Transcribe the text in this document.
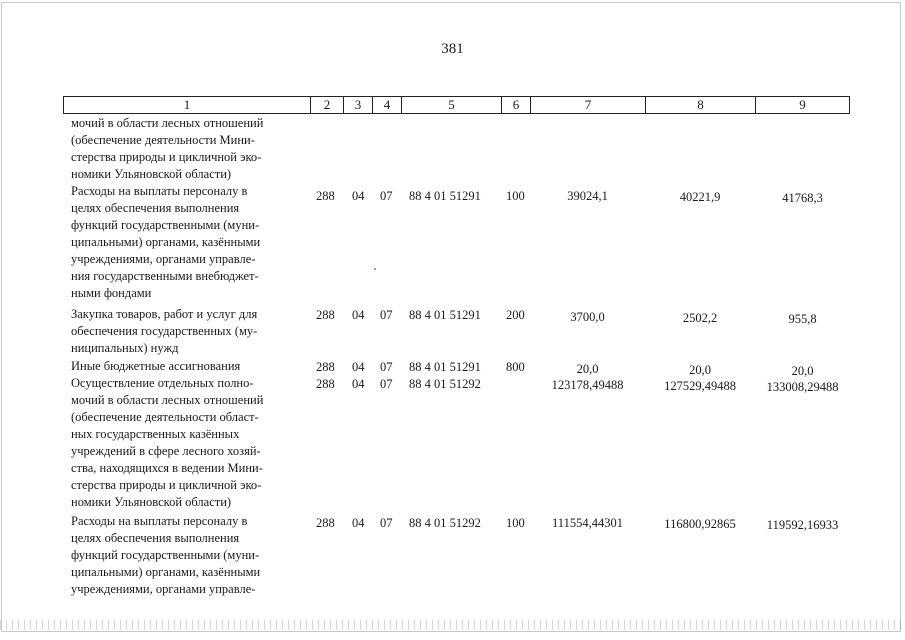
381
1	2	3	4	5	6	7	8	9
мочий в области лесных отношений
(обеспечение деятельности Мини-
стерства природы и цикличной эко-
номики Ульяновской области)
Расходы на выплаты персоналу в
целях обеспечения выполнения
функций государственными (муни-
ципальными) органами, казёнными
учреждениями, органами управле-
ния государственными внебюджет-
ными фондами
288 04 07 88 4 01 51291 100	39024,1	40221,9	41768,3
Закупка товаров, работ и услуг для
обеспечения государственных (му-
ниципальных) нужд
288 04 07 88 4 01 51291 200	3700,0	2502,2	955,8
Иные бюджетные ассигнования	288 04 07 88 4 01 51291 800	20,0	20,0	20,0
Осуществление отдельных полно-
мочий в области лесных отношений
(обеспечение деятельности област-
ных государственных казённых
учреждений в сфере лесного хозяй-
ства, находящихся в ведении Мини-
стерства природы и цикличной эко-
номики Ульяновской области)
288 04 07 88 4 01 51292	123178,49488	127529,49488	133008,29488
Расходы на выплаты персоналу в
целях обеспечения выполнения
функций государственными (муни-
ципальными) органами, казёнными
учреждениями, органами управле-
288 04 07 88 4 01 51292 100	111554,44301	116800,92865	119592,16933
